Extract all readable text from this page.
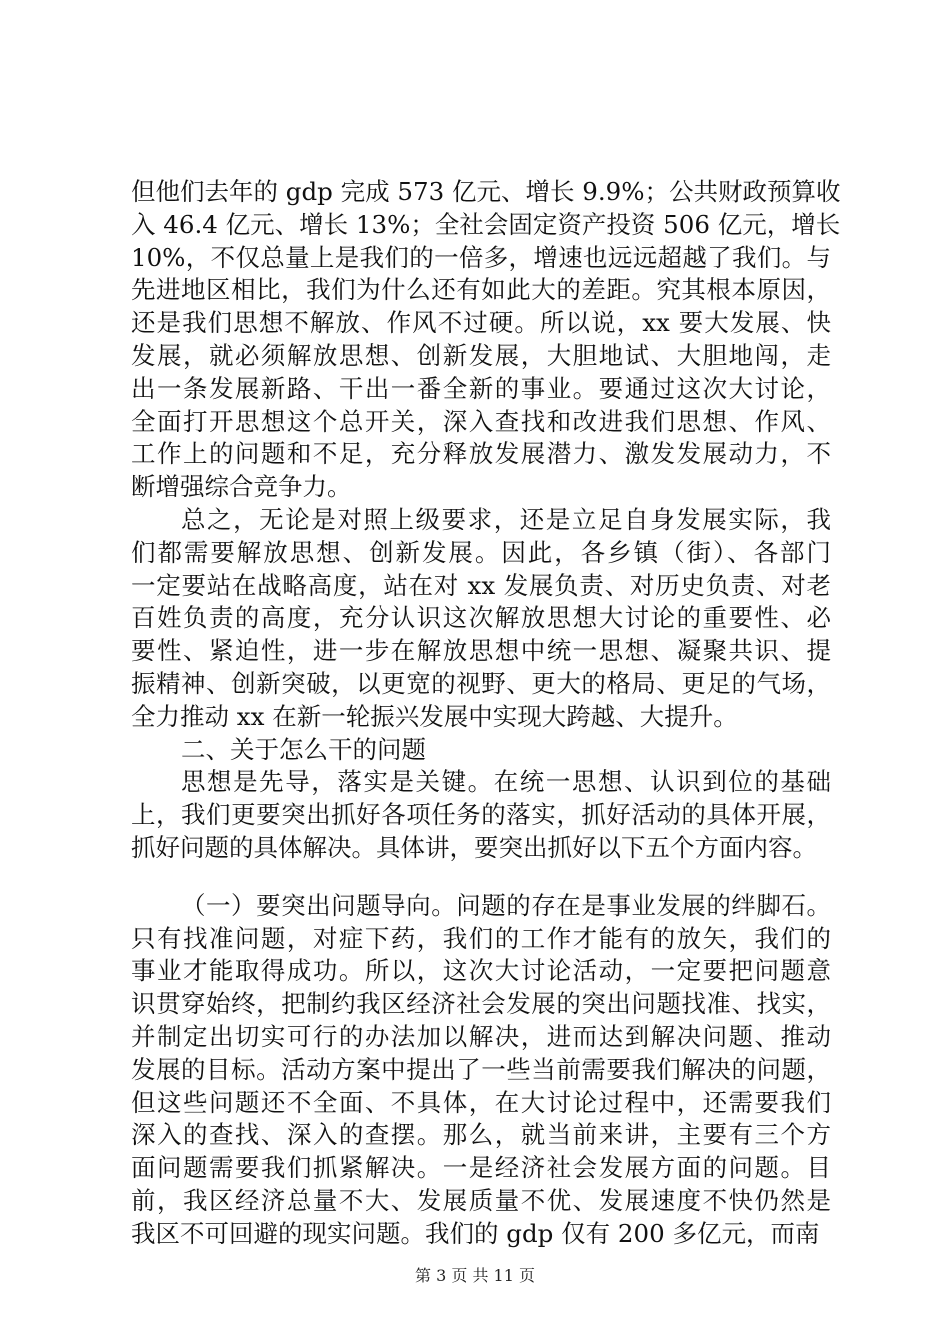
但他们去年的 gdp 完成 573 亿元、增长 9.9%；公共财政预算收
入 46.4 亿元、增长 13%；全社会固定资产投资 506 亿元，增长
10%，不仅总量上是我们的一倍多，增速也远远超越了我们。与
先进地区相比，我们为什么还有如此大的差距。究其根本原因，
还是我们思想不解放、作风不过硬。所以说，xx 要大发展、快
发展，就必须解放思想、创新发展，大胆地试、大胆地闯，走
出一条发展新路、干出一番全新的事业。要通过这次大讨论，
全面打开思想这个总开关，深入查找和改进我们思想、作风、
工作上的问题和不足，充分释放发展潜力、激发发展动力，不
断增强综合竞争力。
总之，无论是对照上级要求，还是立足自身发展实际，我
们都需要解放思想、创新发展。因此，各乡镇（街）、各部门
一定要站在战略高度，站在对 xx 发展负责、对历史负责、对老
百姓负责的高度，充分认识这次解放思想大讨论的重要性、必
要性、紧迫性，进一步在解放思想中统一思想、凝聚共识、提
振精神、创新突破，以更宽的视野、更大的格局、更足的气场，
全力推动 xx 在新一轮振兴发展中实现大跨越、大提升。
二、关于怎么干的问题
思想是先导，落实是关键。在统一思想、认识到位的基础
上，我们更要突出抓好各项任务的落实，抓好活动的具体开展，
抓好问题的具体解决。具体讲，要突出抓好以下五个方面内容。
（一）要突出问题导向。问题的存在是事业发展的绊脚石。
只有找准问题，对症下药，我们的工作才能有的放矢，我们的
事业才能取得成功。所以，这次大讨论活动，一定要把问题意
识贯穿始终，把制约我区经济社会发展的突出问题找准、找实，
并制定出切实可行的办法加以解决，进而达到解决问题、推动
发展的目标。活动方案中提出了一些当前需要我们解决的问题，
但这些问题还不全面、不具体，在大讨论过程中，还需要我们
深入的查找、深入的查摆。那么，就当前来讲，主要有三个方
面问题需要我们抓紧解决。一是经济社会发展方面的问题。目
前，我区经济总量不大、发展质量不优、发展速度不快仍然是
我区不可回避的现实问题。我们的 gdp 仅有 200 多亿元，而南
第 3 页 共 11 页
